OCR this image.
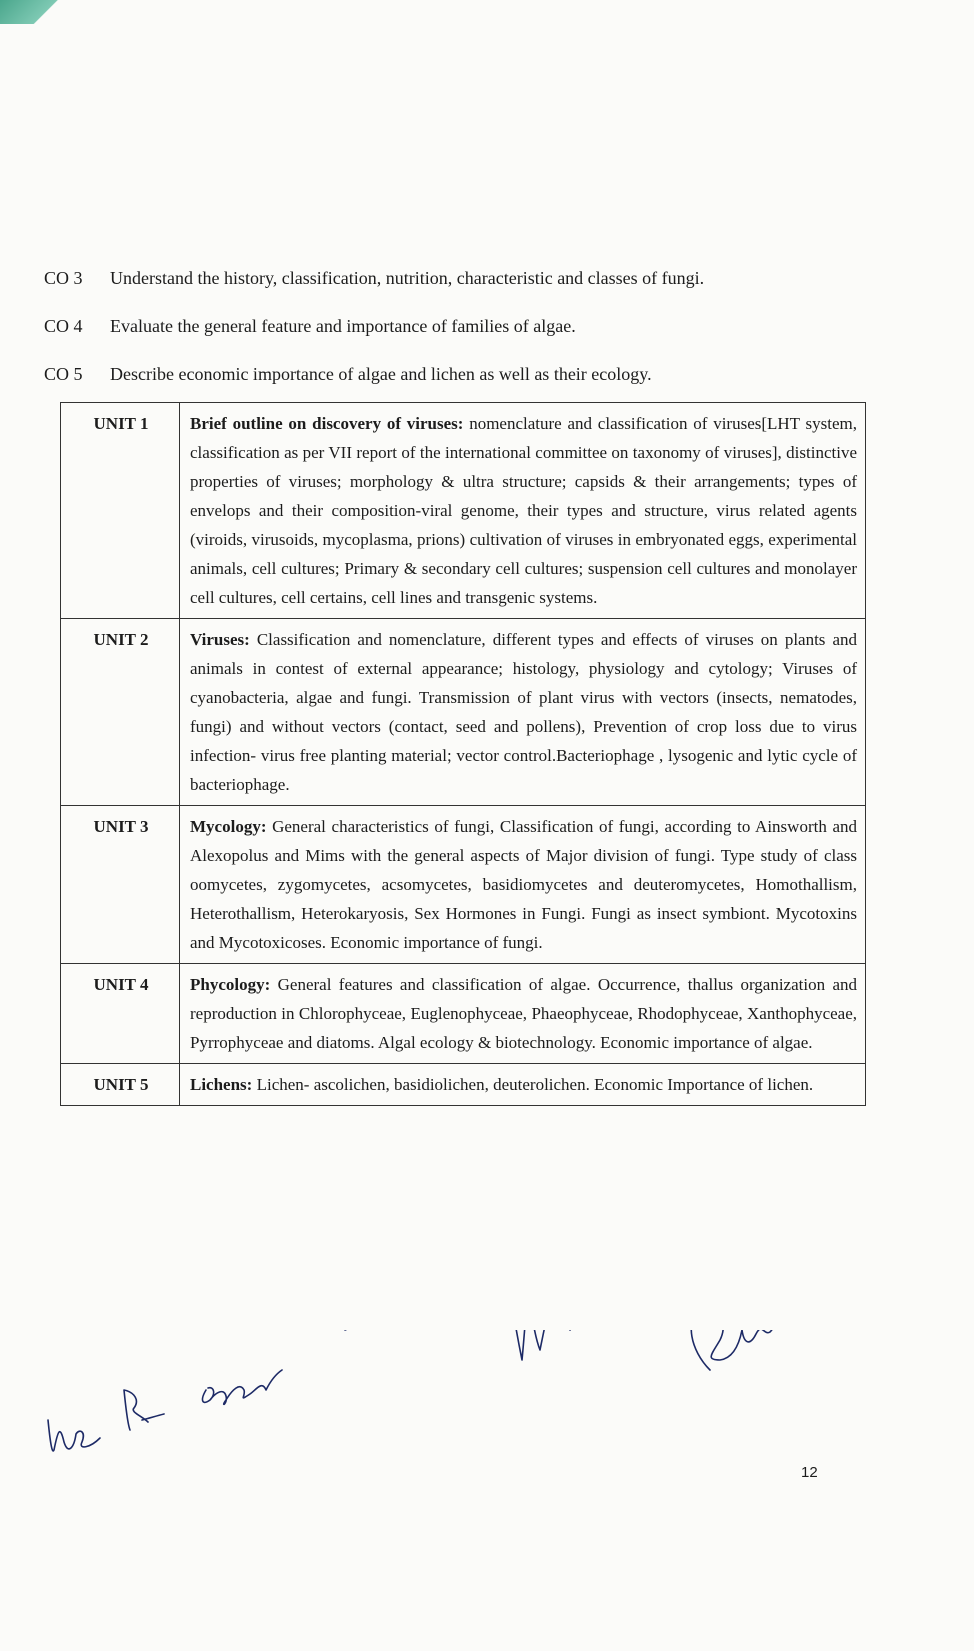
CO 3	Understand the history, classification, nutrition, characteristic and classes of fungi.
CO 4	Evaluate the general feature and importance of families of algae.
CO 5	Describe economic importance of algae and lichen as well as their ecology.
UNIT 1	Brief outline on discovery of viruses: nomenclature and classification of viruses[LHT system, classification as per VII report of the international committee on taxonomy of viruses], distinctive properties of viruses; morphology & ultra structure; capsids & their arrangements; types of envelops and their composition-viral genome, their types and structure, virus related agents (viroids, virusoids, mycoplasma, prions) cultivation of viruses in embryonated eggs, experimental animals, cell cultures; Primary & secondary cell cultures; suspension cell cultures and monolayer cell cultures, cell certains, cell lines and transgenic systems.
UNIT 2	Viruses: Classification and nomenclature, different types and effects of viruses on plants and animals in contest of external appearance; histology, physiology and cytology; Viruses of cyanobacteria, algae and fungi. Transmission of plant virus with vectors (insects, nematodes, fungi) and without vectors (contact, seed and pollens), Prevention of crop loss due to virus infection- virus free planting material; vector control.Bacteriophage , lysogenic and lytic cycle of bacteriophage.
UNIT 3	Mycology: General characteristics of fungi, Classification of fungi, according to Ainsworth and Alexopolus and Mims with the general aspects of Major division of fungi. Type study of class oomycetes, zygomycetes, acsomycetes, basidiomycetes and deuteromycetes, Homothallism, Heterothallism, Heterokaryosis, Sex Hormones in Fungi. Fungi as insect symbiont. Mycotoxins and Mycotoxicoses. Economic importance of fungi.
UNIT 4	Phycology: General features and classification of algae. Occurrence, thallus organization and reproduction in Chlorophyceae, Euglenophyceae, Phaeophyceae, Rhodophyceae, Xanthophyceae, Pyrrophyceae and diatoms. Algal ecology & biotechnology. Economic importance of algae.
UNIT 5	Lichens: Lichen- ascolichen, basidiolichen, deuterolichen. Economic Importance of lichen.
12
